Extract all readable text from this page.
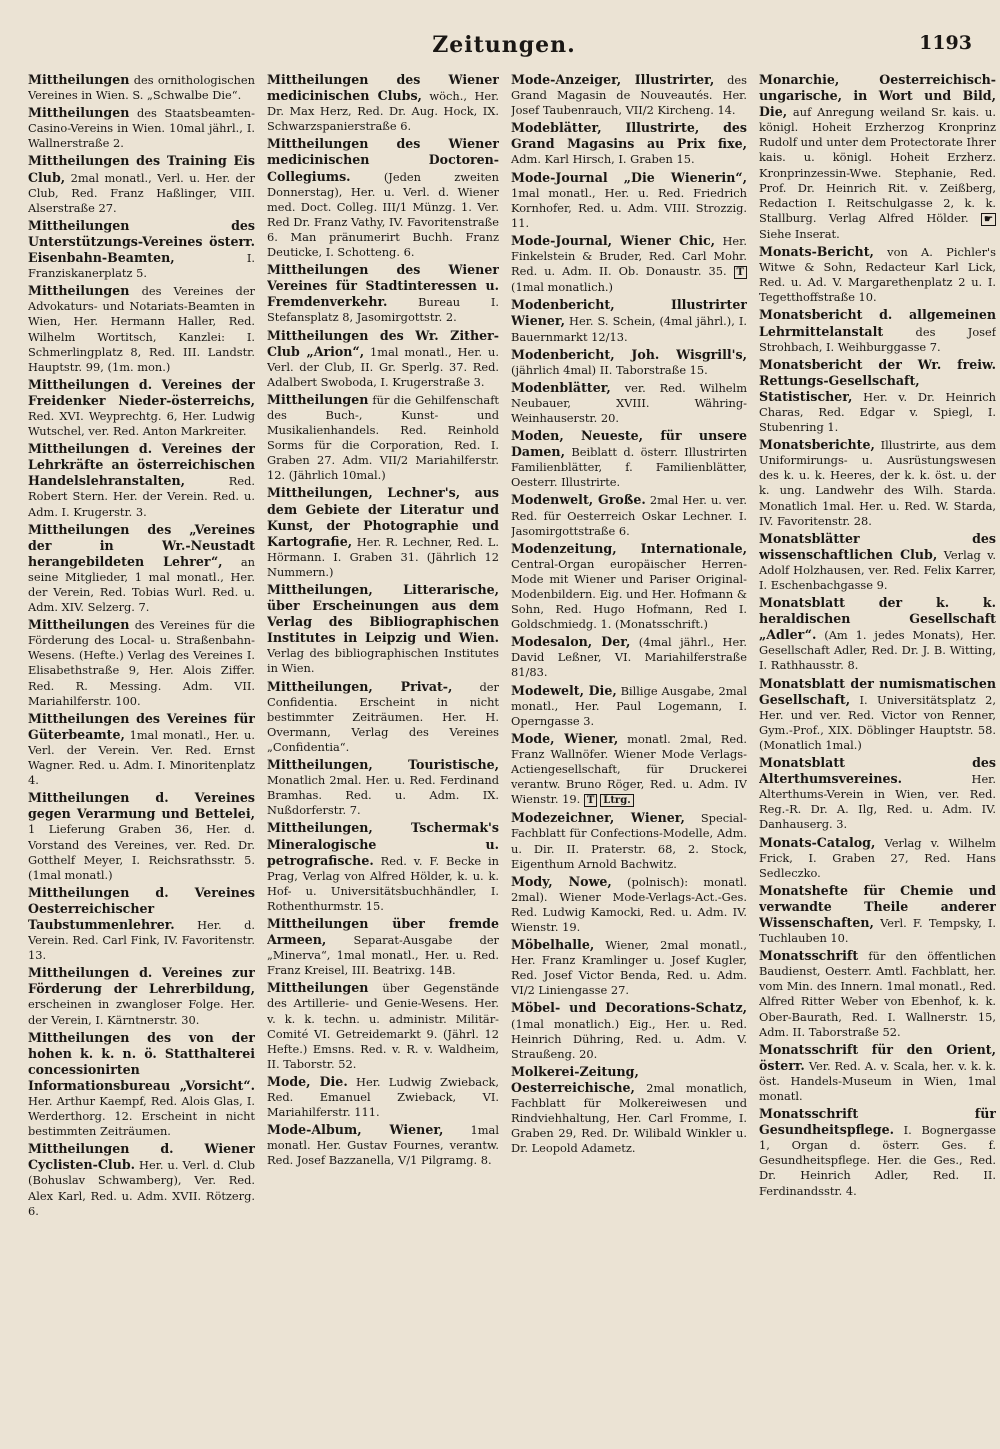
Zeitungen.	1193

Mittheilungen des ornithologischen Vereines in Wien. S. „Schwalbe Die“.

Mittheilungen des Staatsbeamten-Casino-Vereins in Wien. 10mal jährl., I. Wallnerstraße 2.

Mittheilungen des Training Eis Club, 2mal monatl., Verl. u. Her. der Club, Red. Franz Haßlinger, VIII. Alserstraße 27.

Mittheilungen des Unterstützungs-Vereines österr. Eisenbahn-Beamten, I. Franziskanerplatz 5.

Mittheilungen des Vereines der Advokaturs- und Notariats-Beamten in Wien, Her. Hermann Haller, Red. Wilhelm Wortitsch, Kanzlei: I. Schmerlingplatz 8, Red. III. Landstr. Hauptstr. 99, (1m. mon.)

Mittheilungen d. Vereines der Freidenker Nieder-österreichs, Red. XVI. Weyprechtg. 6, Her. Ludwig Wutschel, ver. Red. Anton Markreiter.

Mittheilungen d. Vereines der Lehrkräfte an österreichischen Handelslehranstalten, Red. Robert Stern. Her. der Verein. Red. u. Adm. I. Krugerstr. 3.

Mittheilungen des „Vereines der in Wr.-Neustadt herangebildeten Lehrer“, an seine Mitglieder, 1 mal monatl., Her. der Verein, Red. Tobias Wurl. Red. u. Adm. XIV. Selzerg. 7.

Mittheilungen des Vereines für die Förderung des Local- u. Straßenbahn-Wesens. (Hefte.) Verlag des Vereines I. Elisabethstraße 9, Her. Alois Ziffer. Red. R. Messing. Adm. VII. Mariahilferstr. 100.

Mittheilungen des Vereines für Güterbeamte, 1mal monatl., Her. u. Verl. der Verein. Ver. Red. Ernst Wagner. Red. u. Adm. I. Minoritenplatz 4.

Mittheilungen d. Vereines gegen Verarmung und Bettelei, 1 Lieferung Graben 36, Her. d. Vorstand des Vereines, ver. Red. Dr. Gotthelf Meyer, I. Reichsrathsstr. 5. (1mal monatl.)

Mittheilungen d. Vereines Oesterreichischer Taubstummenlehrer. Her. d. Verein. Red. Carl Fink, IV. Favoritenstr. 13.

Mittheilungen d. Vereines zur Förderung der Lehrerbildung, erscheinen in zwangloser Folge. Her. der Verein, I. Kärntnerstr. 30.

Mittheilungen des von der hohen k. k. n. ö. Statthalterei concessionirten Informationsbureau „Vorsicht“. Her. Arthur Kaempf, Red. Alois Glas, I. Werderthorg. 12. Erscheint in nicht bestimmten Zeiträumen.

Mittheilungen d. Wiener Cyclisten-Club. Her. u. Verl. d. Club (Bohuslav Schwamberg), Ver. Red. Alex Karl, Red. u. Adm. XVII. Rötzerg. 6.

Mittheilungen des Wiener medicinischen Clubs, wöch., Her. Dr. Max Herz, Red. Dr. Aug. Hock, IX. Schwarzspanierstraße 6.

Mittheilungen des Wiener medicinischen Doctoren-Collegiums. (Jeden zweiten Donnerstag), Her. u. Verl. d. Wiener med. Doct. Colleg. III/1 Münzg. 1. Ver. Red Dr. Franz Vathy, IV. Favoritenstraße 6. Man pränumerirt Buchh. Franz Deuticke, I. Schotteng. 6.

Mittheilungen des Wiener Vereines für Stadtinteressen u. Fremdenverkehr. Bureau I. Stefansplatz 8, Jasomirgottstr. 2.

Mittheilungen des Wr. Zither-Club „Arion“, 1mal monatl., Her. u. Verl. der Club, II. Gr. Sperlg. 37. Red. Adalbert Swoboda, I. Krugerstraße 3.

Mittheilungen für die Gehilfenschaft des Buch-, Kunst- und Musikalienhandels. Red. Reinhold Sorms für die Corporation, Red. I. Graben 27. Adm. VII/2 Mariahilferstr. 12. (Jährlich 10mal.)

Mittheilungen, Lechner's, aus dem Gebiete der Literatur und Kunst, der Photographie und Kartografie, Her. R. Lechner, Red. L. Hörmann. I. Graben 31. (Jährlich 12 Nummern.)

Mittheilungen, Litterarische, über Erscheinungen aus dem Verlag des Bibliographischen Institutes in Leipzig und Wien. Verlag des bibliographischen Institutes in Wien.

Mittheilungen, Privat-, der Confidentia. Erscheint in nicht bestimmter Zeiträumen. Her. H. Overmann, Verlag des Vereines „Confidentia“.

Mittheilungen, Touristische, Monatlich 2mal. Her. u. Red. Ferdinand Bramhas. Red. u. Adm. IX. Nußdorferstr. 7.

Mittheilungen, Tschermak's Mineralogische u. petrografische. Red. v. F. Becke in Prag, Verlag von Alfred Hölder, k. u. k. Hof- u. Universitätsbuchhändler, I. Rothenthurmstr. 15.

Mittheilungen über fremde Armeen, Separat-Ausgabe der „Minerva“, 1mal monatl., Her. u. Red. Franz Kreisel, III. Beatrixg. 14B.

Mittheilungen über Gegenstände des Artillerie- und Genie-Wesens. Her. v. k. k. techn. u. administr. Militär-Comité VI. Getreidemarkt 9. (Jährl. 12 Hefte.) Emsns. Red. v. R. v. Waldheim, II. Taborstr. 52.

Mode, Die. Her. Ludwig Zwieback, Red. Emanuel Zwieback, VI. Mariahilferstr. 111.

Mode-Album, Wiener, 1mal monatl. Her. Gustav Fournes, verantw. Red. Josef Bazzanella, V/1 Pilgramg. 8.

Mode-Anzeiger, Illustrirter, des Grand Magasin de Nouveautés. Her. Josef Taubenrauch, VII/2 Kircheng. 14.

Modeblätter, Illustrirte, des Grand Magasins au Prix fixe, Adm. Karl Hirsch, I. Graben 15.

Mode-Journal „Die Wienerin“, 1mal monatl., Her. u. Red. Friedrich Kornhofer, Red. u. Adm. VIII. Strozzig. 11.

Mode-Journal, Wiener Chic, Her. Finkelstein & Bruder, Red. Carl Mohr. Red. u. Adm. II. Ob. Donaustr. 35. T (1mal monatlich.)

Modenbericht, Illustrirter Wiener, Her. S. Schein, (4mal jährl.), I. Bauernmarkt 12/13.

Modenbericht, Joh. Wisgrill's, (jährlich 4mal) II. Taborstraße 15.

Modenblätter, ver. Red. Wilhelm Neubauer, XVIII. Währing-Weinhauserstr. 20.

Moden, Neueste, für unsere Damen, Beiblatt d. österr. Illustrirten Familienblätter, f. Familienblätter, Oesterr. Illustrirte.

Modenwelt, Große. 2mal Her. u. ver. Red. für Oesterreich Oskar Lechner. I. Jasomirgottstraße 6.

Modenzeitung, Internationale, Central-Organ europäischer Herren-Mode mit Wiener und Pariser Original-Modenbildern. Eig. und Her. Hofmann & Sohn, Red. Hugo Hofmann, Red I. Goldschmiedg. 1. (Monatsschrift.)

Modesalon, Der, (4mal jährl., Her. David Leßner, VI. Mariahilferstraße 81/83.

Modewelt, Die, Billige Ausgabe, 2mal monatl., Her. Paul Logemann, I. Operngasse 3.

Mode, Wiener, monatl. 2mal, Red. Franz Wallnöfer. Wiener Mode Verlags-Actiengesellschaft, für Druckerei verantw. Bruno Röger, Red. u. Adm. IV Wienstr. 19. T Ltrg.

Modezeichner, Wiener, Special-Fachblatt für Confections-Modelle, Adm. u. Dir. II. Praterstr. 68, 2. Stock, Eigenthum Arnold Bachwitz.

Mody, Nowe, (polnisch): monatl. 2mal). Wiener Mode-Verlags-Act.-Ges. Red. Ludwig Kamocki, Red. u. Adm. IV. Wienstr. 19.

Möbelhalle, Wiener, 2mal monatl., Her. Franz Kramlinger u. Josef Kugler, Red. Josef Victor Benda, Red. u. Adm. VI/2 Liniengasse 27.

Möbel- und Decorations-Schatz, (1mal monatlich.) Eig., Her. u. Red. Heinrich Dühring, Red. u. Adm. V. Straußeng. 20.

Molkerei-Zeitung, Oesterreichische, 2mal monatlich, Fachblatt für Molkereiwesen und Rindviehhaltung, Her. Carl Fromme, I. Graben 29, Red. Dr. Wilibald Winkler u. Dr. Leopold Adametz.

Monarchie, Oesterreichisch-ungarische, in Wort und Bild, Die, auf Anregung weiland Sr. kais. u. königl. Hoheit Erzherzog Kronprinz Rudolf und unter dem Protectorate Ihrer kais. u. königl. Hoheit Erzherz. Kronprinzessin-Wwe. Stephanie, Red. Prof. Dr. Heinrich Rit. v. Zeißberg, Redaction I. Reitschulgasse 2, k. k. Stallburg. Verlag Alfred Hölder. ☛ Siehe Inserat.

Monats-Bericht, von A. Pichler's Witwe & Sohn, Redacteur Karl Lick, Red. u. Ad. V. Margarethenplatz 2 u. I. Tegetthoffstraße 10.

Monatsbericht d. allgemeinen Lehrmittelanstalt des Josef Strohbach, I. Weihburggasse 7.

Monatsbericht der Wr. freiw. Rettungs-Gesellschaft, Statistischer, Her. v. Dr. Heinrich Charas, Red. Edgar v. Spiegl, I. Stubenring 1.

Monatsberichte, Illustrirte, aus dem Uniformirungs- u. Ausrüstungswesen des k. u. k. Heeres, der k. k. öst. u. der k. ung. Landwehr des Wilh. Starda. Monatlich 1mal. Her. u. Red. W. Starda, IV. Favoritenstr. 28.

Monatsblätter des wissenschaftlichen Club, Verlag v. Adolf Holzhausen, ver. Red. Felix Karrer, I. Eschenbachgasse 9.

Monatsblatt der k. k. heraldischen Gesellschaft „Adler“. (Am 1. jedes Monats), Her. Gesellschaft Adler, Red. Dr. J. B. Witting, I. Rathhausstr. 8.

Monatsblatt der numismatischen Gesellschaft, I. Universitätsplatz 2, Her. und ver. Red. Victor von Renner, Gym.-Prof., XIX. Döblinger Hauptstr. 58. (Monatlich 1mal.)

Monatsblatt des Alterthumsvereines. Her. Alterthums-Verein in Wien, ver. Red. Reg.-R. Dr. A. Ilg, Red. u. Adm. IV. Danhauserg. 3.

Monats-Catalog, Verlag v. Wilhelm Frick, I. Graben 27, Red. Hans Sedleczko.

Monatshefte für Chemie und verwandte Theile anderer Wissenschaften, Verl. F. Tempsky, I. Tuchlauben 10.

Monatsschrift für den öffentlichen Baudienst, Oesterr. Amtl. Fachblatt, her. vom Min. des Innern. 1mal monatl., Red. Alfred Ritter Weber von Ebenhof, k. k. Ober-Baurath, Red. I. Wallnerstr. 15, Adm. II. Taborstraße 52.

Monatsschrift für den Orient, österr. Ver. Red. A. v. Scala, her. v. k. k. öst. Handels-Museum in Wien, 1mal monatl.

Monatsschrift für Gesundheitspflege. I. Bognergasse 1, Organ d. österr. Ges. f. Gesundheitspflege. Her. die Ges., Red. Dr. Heinrich Adler, Red. II. Ferdinandsstr. 4.
